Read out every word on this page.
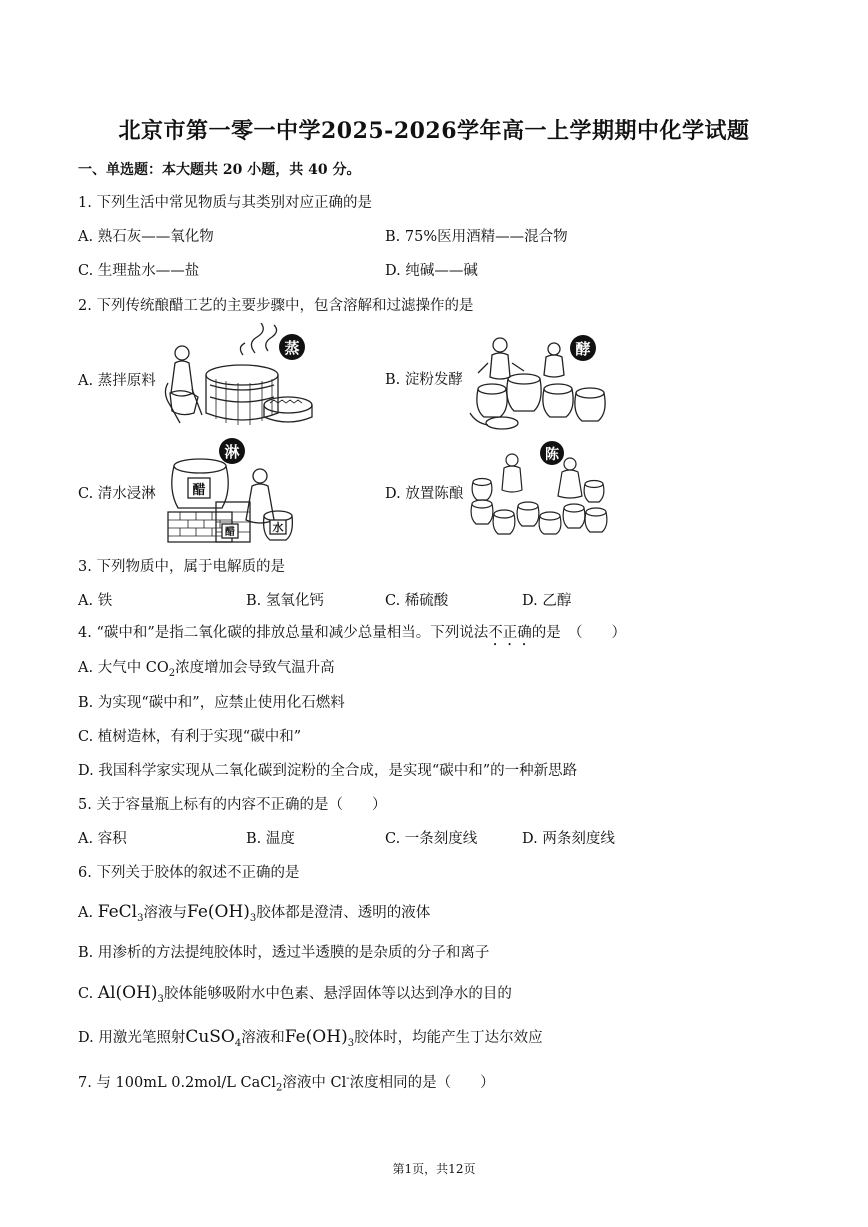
北京市第一零一中学2025-2026学年高一上学期期中化学试题
一、单选题：本大题共 20 小题，共 40 分。
1. 下列生活中常见物质与其类别对应正确的是
A. 熟石灰——氧化物	B. 75%医用酒精——混合物
C. 生理盐水——盐	D. 纯碱——碱
2. 下列传统酿醋工艺的主要步骤中，包含溶解和过滤操作的是
A. 蒸拌原料	B. 淀粉发酵
C. 清水浸淋	D. 放置陈酿
蒸	酵
醋
醋	水
淋	陈
3. 下列物质中，属于电解质的是
A. 铁	B. 氢氧化钙	C. 稀硫酸	D. 乙醇
4. “碳中和”是指二氧化碳的排放总量和减少总量相当。下列说法不正确的是　（　　）
A. 大气中 $CO_2$浓度增加会导致气温升高
B. 为实现“碳中和”，应禁止使用化石燃料
C. 植树造林，有利于实现“碳中和”
D. 我国科学家实现从二氧化碳到淀粉的全合成，是实现“碳中和”的一种新思路
5. 关于容量瓶上标有的内容不正确的是（　　）
A. 容积	B. 温度	C. 一条刻度线	D. 两条刻度线
6. 下列关于胶体的叙述不正确的是
A. FeCl$_3$溶液与$Fe(OH)_3$胶体都是澄清、透明的液体
B. 用渗析的方法提纯胶体时，透过半透膜的是杂质的分子和离子
C. $Al(OH)_3$胶体能够吸附水中色素、悬浮固体等以达到净水的目的
D. 用激光笔照射CuSO$_4$溶液和$Fe(OH)_3$胶体时，均能产生丁达尔效应
7. 与 100mL 0.2mol/L CaCl$_2$溶液中 Cl-浓度相同的是（　　）
第1页，共12页
